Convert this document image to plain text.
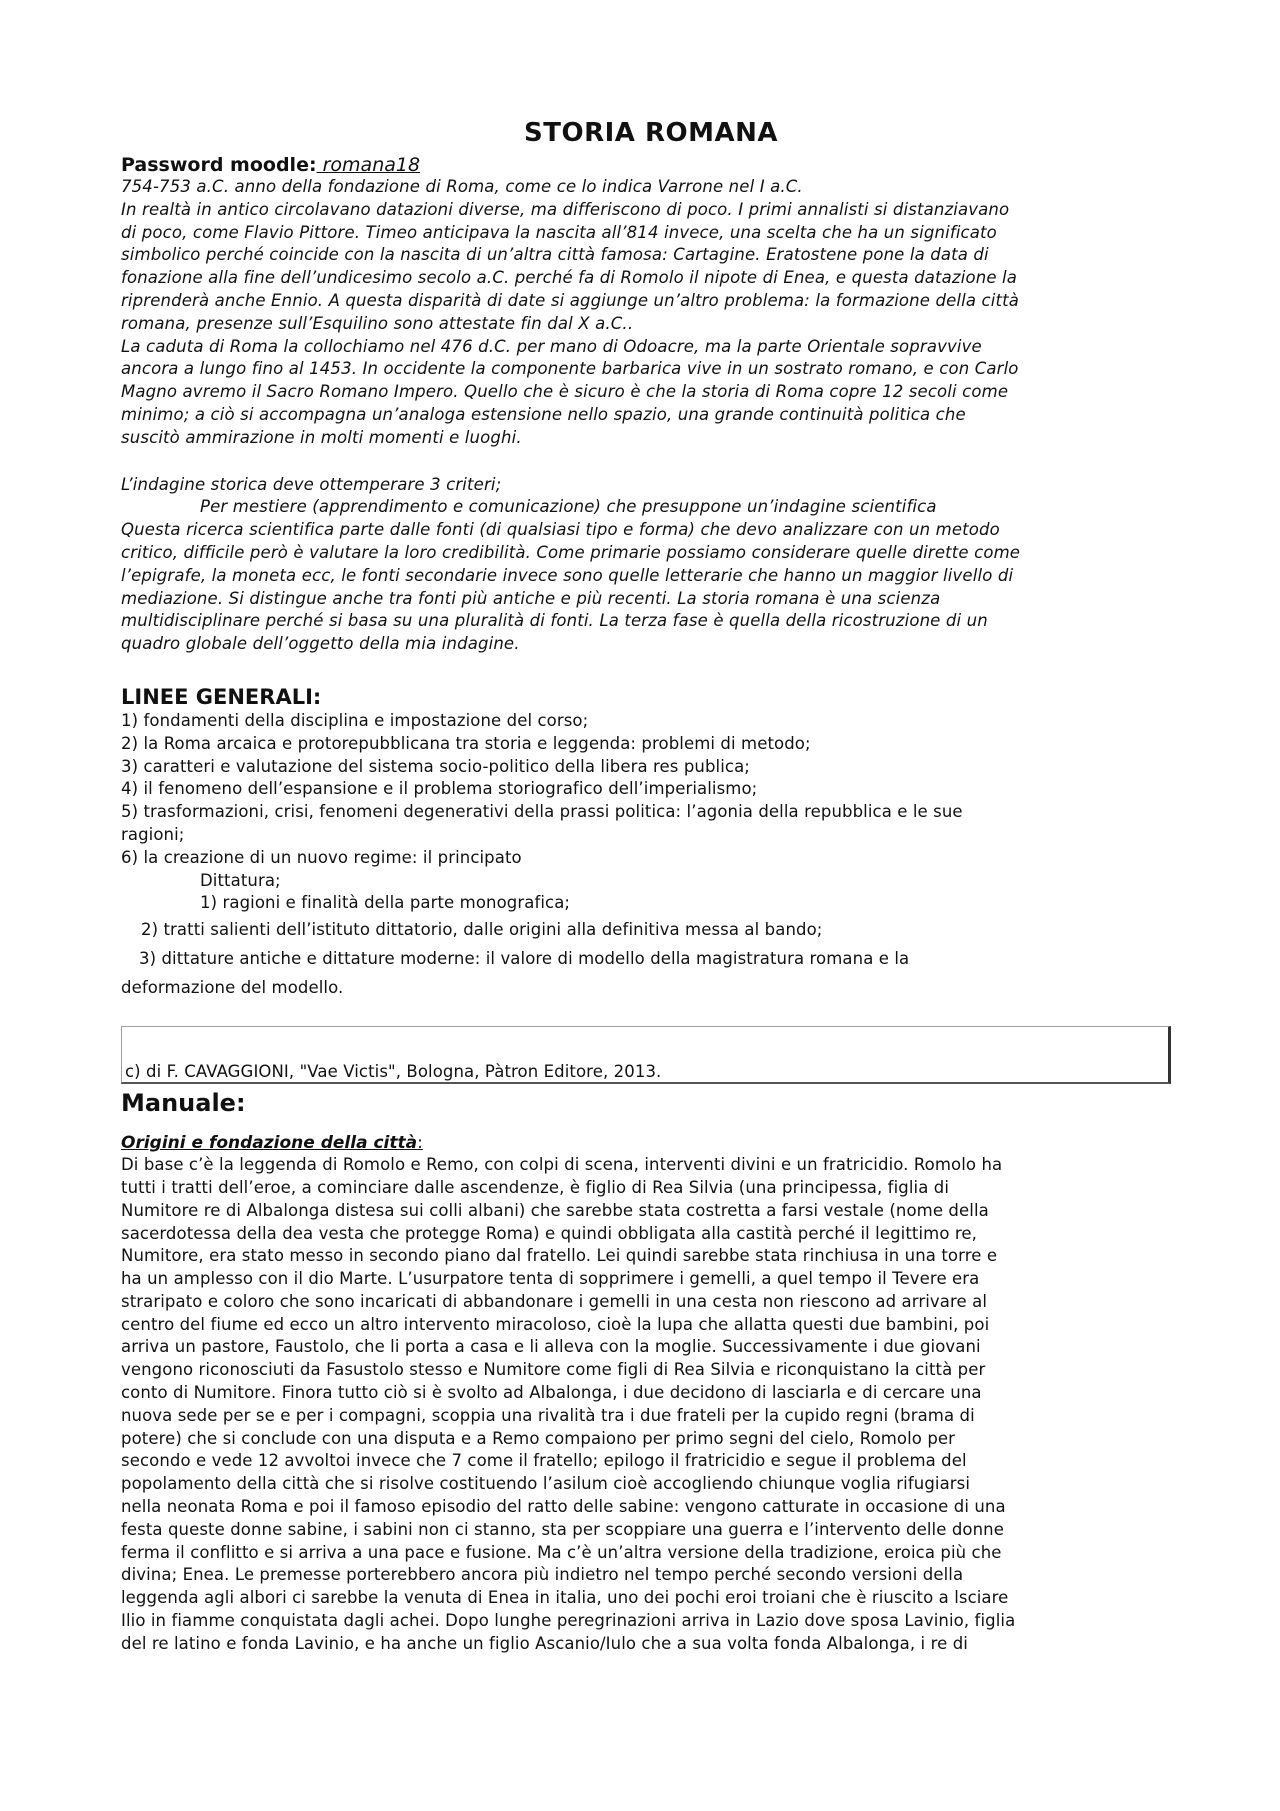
STORIA ROMANA

Password moodle: romana18

754-753 a.C. anno della fondazione di Roma, come ce lo indica Varrone nel I a.C.

In realtà in antico circolavano datazioni diverse, ma differiscono di poco. I primi annalisti si distanziavano

di poco, come Flavio Pittore. Timeo anticipava la nascita all’814 invece, una scelta che ha un significato

simbolico perché coincide con la nascita di un’altra città famosa: Cartagine. Eratostene pone la data di

fonazione alla fine dell’undicesimo secolo a.C. perché fa di Romolo il nipote di Enea, e questa datazione la

riprenderà anche Ennio. A questa disparità di date si aggiunge un’altro problema: la formazione della città

romana, presenze sull’Esquilino sono attestate fin dal X a.C..

La caduta di Roma la collochiamo nel 476 d.C. per mano di Odoacre, ma la parte Orientale sopravvive

ancora a lungo fino al 1453. In occidente la componente barbarica vive in un sostrato romano, e con Carlo

Magno avremo il Sacro Romano Impero. Quello che è sicuro è che la storia di Roma copre 12 secoli come

minimo; a ciò si accompagna un’analoga estensione nello spazio, una grande continuità politica che

suscitò ammirazione in molti momenti e luoghi.

L’indagine storica deve ottemperare 3 criteri;

Per mestiere (apprendimento e comunicazione) che presuppone un’indagine scientifica

Questa ricerca scientifica parte dalle fonti (di qualsiasi tipo e forma) che devo analizzare con un metodo

critico, difficile però è valutare la loro credibilità. Come primarie possiamo considerare quelle dirette come

l’epigrafe, la moneta ecc, le fonti secondarie invece sono quelle letterarie che hanno un maggior livello di

mediazione. Si distingue anche tra fonti più antiche e più recenti. La storia romana è una scienza

multidisciplinare perché si basa su una pluralità di fonti. La terza fase è quella della ricostruzione di un

quadro globale dell’oggetto della mia indagine.

LINEE GENERALI:

1) fondamenti della disciplina e impostazione del corso;

2) la Roma arcaica e protorepubblicana tra storia e leggenda: problemi di metodo;

3) caratteri e valutazione del sistema socio-politico della libera res publica;

4) il fenomeno dell’espansione e il problema storiografico dell’imperialismo;

5) trasformazioni, crisi, fenomeni degenerativi della prassi politica: l’agonia della repubblica e le sue

ragioni;

6) la creazione di un nuovo regime: il principato

Dittatura;

1) ragioni e finalità della parte monografica;

2) tratti salienti dell’istituto dittatorio, dalle origini alla definitiva messa al bando;

3) dittature antiche e dittature moderne: il valore di modello della magistratura romana e la

deformazione del modello.

c) di F. CAVAGGIONI, "Vae Victis", Bologna, Pàtron Editore, 2013.
Manuale:

Origini e fondazione della città:

Di base c’è la leggenda di Romolo e Remo, con colpi di scena, interventi divini e un fratricidio. Romolo ha

tutti i tratti dell’eroe, a cominciare dalle ascendenze, è figlio di Rea Silvia (una principessa, figlia di

Numitore re di Albalonga distesa sui colli albani) che sarebbe stata costretta a farsi vestale (nome della

sacerdotessa della dea vesta che protegge Roma) e quindi obbligata alla castità perché il legittimo re,

Numitore, era stato messo in secondo piano dal fratello. Lei quindi sarebbe stata rinchiusa in una torre e

ha un amplesso con il dio Marte. L’usurpatore tenta di sopprimere i gemelli, a quel tempo il Tevere era

straripato e coloro che sono incaricati di abbandonare i gemelli in una cesta non riescono ad arrivare al

centro del fiume ed ecco un altro intervento miracoloso, cioè la lupa che allatta questi due bambini, poi

arriva un pastore, Faustolo, che li porta a casa e li alleva con la moglie. Successivamente i due giovani

vengono riconosciuti da Fasustolo stesso e Numitore come figli di Rea Silvia e riconquistano la città per

conto di Numitore. Finora tutto ciò si è svolto ad Albalonga, i due decidono di lasciarla e di cercare una

nuova sede per se e per i compagni, scoppia una rivalità tra i due frateli per la cupido regni (brama di

potere) che si conclude con una disputa e a Remo compaiono per primo segni del cielo, Romolo per

secondo e vede 12 avvoltoi invece che 7 come il fratello; epilogo il fratricidio e segue il problema del

popolamento della città che si risolve costituendo l’asilum cioè accogliendo chiunque voglia rifugiarsi

nella neonata Roma e poi il famoso episodio del ratto delle sabine: vengono catturate in occasione di una

festa queste donne sabine, i sabini non ci stanno, sta per scoppiare una guerra e l’intervento delle donne

ferma il conflitto e si arriva a una pace e fusione. Ma c’è un’altra versione della tradizione, eroica più che

divina; Enea. Le premesse porterebbero ancora più indietro nel tempo perché secondo versioni della

leggenda agli albori ci sarebbe la venuta di Enea in italia, uno dei pochi eroi troiani che è riuscito a lsciare

Ilio in fiamme conquistata dagli achei. Dopo lunghe peregrinazioni arriva in Lazio dove sposa Lavinio, figlia

del re latino e fonda Lavinio, e ha anche un figlio Ascanio/Iulo che a sua volta fonda Albalonga, i re di
